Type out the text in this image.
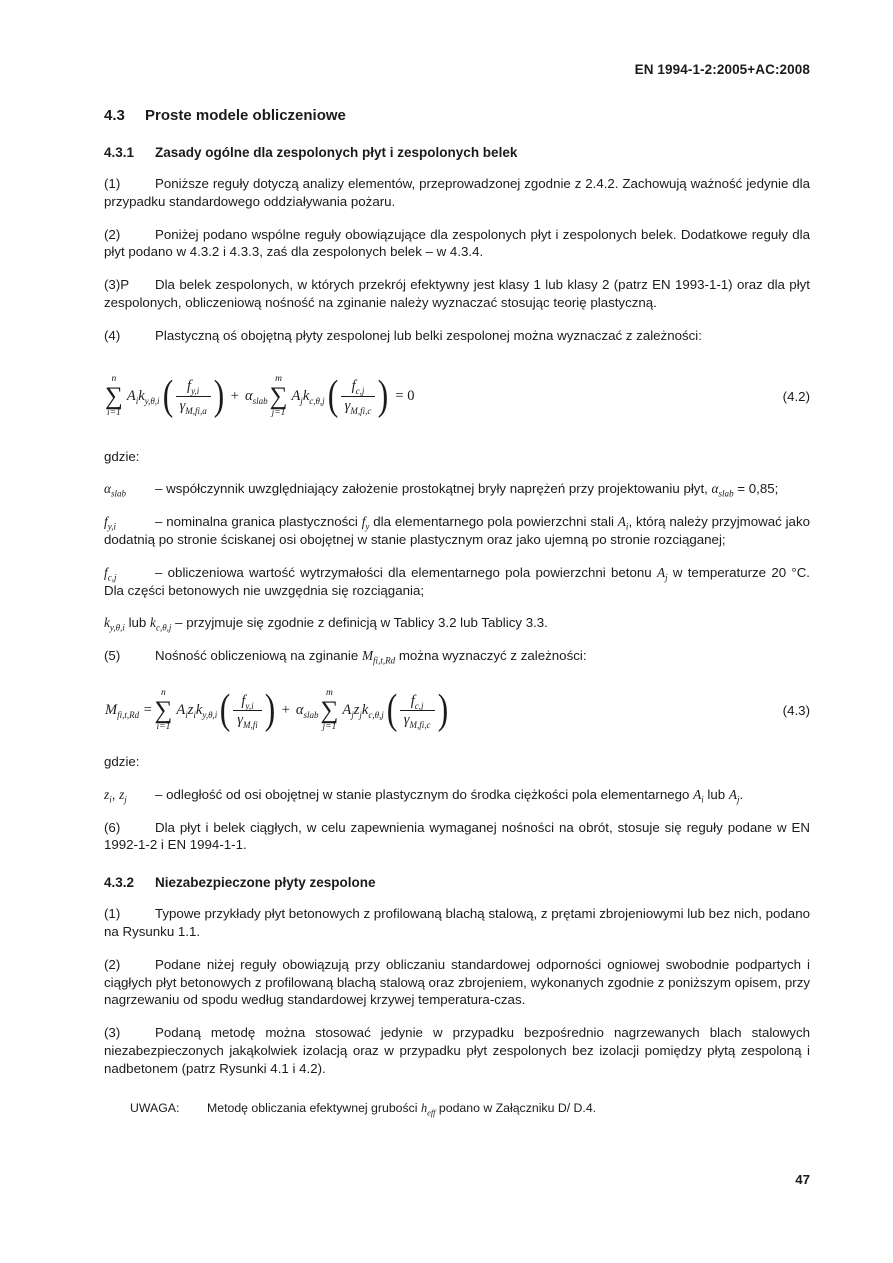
EN 1994-1-2:2005+AC:2008
4.3 Proste modele obliczeniowe
4.3.1 Zasady ogólne dla zespolonych płyt i zespolonych belek

(1)	Poniższe reguły dotyczą analizy elementów, przeprowadzonej zgodnie z 2.4.2. Zachowują ważność jedynie dla przypadku standardowego oddziaływania pożaru.

(2)	Poniżej podano wspólne reguły obowiązujące dla zespolonych płyt i zespolonych belek. Dodatkowe reguły dla płyt podano w 4.3.2 i 4.3.3, zaś dla zespolonych belek – w 4.3.4.

(3)P Dla belek zespolonych, w których przekrój efektywny jest klasy 1 lub klasy 2 (patrz EN 1993-1-1) oraz dla płyt zespolonych, obliczeniową nośność na zginanie należy wyznaczać stosując teorię plastyczną.

(4)	Plastyczną oś obojętną płyty zespolonej lub belki zespolonej można wyznaczać z zależności:

n
∑
i=1
$A_ik_{y,\theta,i}$ ( $\frac{f_{y,i}}{\gamma_{M,fi,a}}$ ) + $\alpha_{slab}$
m
∑
j=1
$A_jk_{c,\theta,j}$ ( $\frac{f_{c,j}}{\gamma_{M,fi,c}}$ ) = 0	(4.2)

gdzie:

$\alpha_{slab}$ – współczynnik uwzględniający założenie prostokątnej bryły naprężeń przy projektowaniu płyt, $\alpha_{slab} = 0,85$;

$f_{y,i}$	– nominalna granica plastyczności $f_y$ dla elementarnego pola powierzchni stali $A_i$, którą należy przyjmować jako dodatnią po stronie ściskanej osi obojętnej w stanie plastycznym oraz jako ujemną po stronie rozciąganej;

$f_{c,j}$	– obliczeniowa wartość wytrzymałości dla elementarnego pola powierzchni betonu $A_j$ w temperaturze 20 °C. Dla części betonowych nie uwzgędnia się rozciągania;

$k_{y,\theta,i}$ lub $k_{c,\theta,j}$ – przyjmuje się zgodnie z definicją w Tablicy 3.2 lub Tablicy 3.3.

(5)	Nośność obliczeniową na zginanie $M_{fi,t,Rd}$ można wyznaczyć z zależności:

$M_{fi,t,Rd}$ =
n
∑
i=1
$A_iz_ik_{y,\theta,i}$ ( $\frac{f_{y,i}}{\gamma_{M,fi}}$ ) + $\alpha_{slab}$
m
∑
j=1
$A_jz_jk_{c,\theta,j}$ ( $\frac{f_{c,j}}{\gamma_{M,fi,c}}$ )	(4.3)

gdzie:

$z_i$, $z_j$ – odległość od osi obojętnej w stanie plastycznym do środka ciężkości pola elementarnego $A_i$ lub $A_j$.

(6)	Dla płyt i belek ciągłych, w celu zapewnienia wymaganej nośności na obrót, stosuje się reguły podane w EN 1992-1-2 i EN 1994-1-1.

4.3.2 Niezabezpieczone płyty zespolone

(1)	Typowe przykłady płyt betonowych z profilowaną blachą stalową, z prętami zbrojeniowymi lub bez nich, podano na Rysunku 1.1.

(2)	Podane niżej reguły obowiązują przy obliczaniu standardowej odporności ogniowej swobodnie podpartych i ciągłych płyt betonowych z profilowaną blachą stalową oraz zbrojeniem, wykonanych zgodnie z poniższym opisem, przy nagrzewaniu od spodu według standardowej krzywej temperatura-czas.

(3)	Podaną metodę można stosować jedynie w przypadku bezpośrednio nagrzewanych blach stalowych niezabezpieczonych jakąkolwiek izolacją oraz w przypadku płyt zespolonych bez izolacji pomiędzy płytą zespoloną i nadbetonem (patrz Rysunki 4.1 i 4.2).

UWAGA: Metodę obliczania efektywnej grubości $h_{eff}$ podano w Załączniku D/ D.4.

47
